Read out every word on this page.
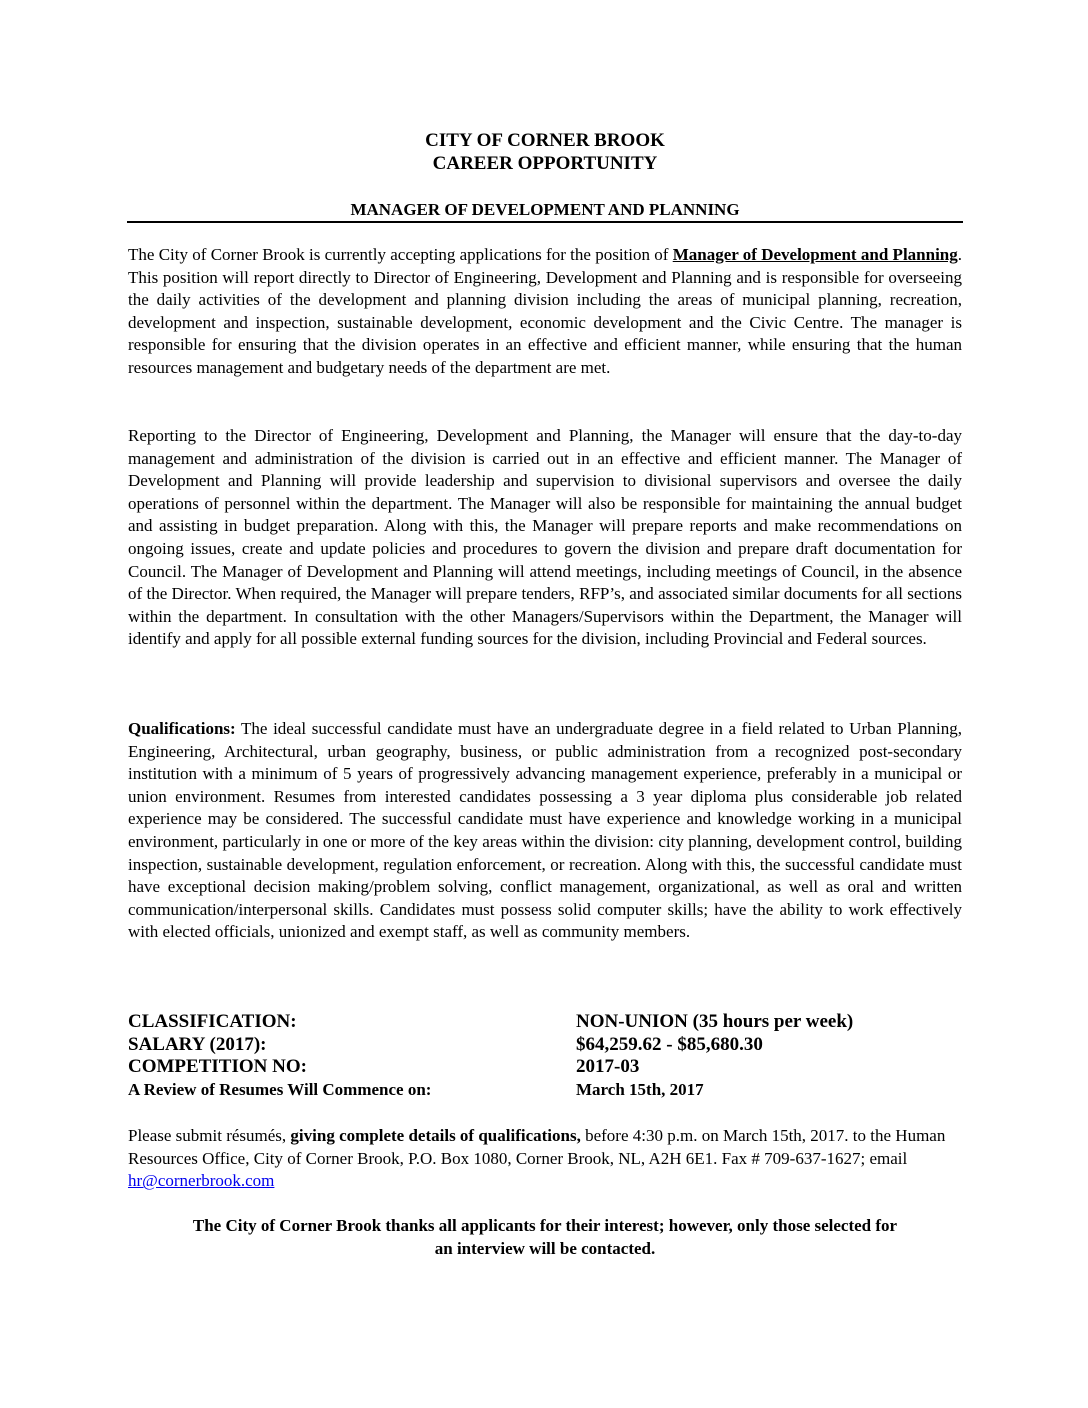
CITY OF CORNER BROOK
CAREER OPPORTUNITY
MANAGER OF DEVELOPMENT AND PLANNING

The City of Corner Brook is currently accepting applications for the position of Manager of Development and Planning. This position will report directly to Director of Engineering, Development and Planning and is responsible for overseeing the daily activities of the development and planning division including the areas of municipal planning, recreation, development and inspection, sustainable development, economic development and the Civic Centre. The manager is responsible for ensuring that the division operates in an effective and efficient manner, while ensuring that the human resources management and budgetary needs of the department are met.

Reporting to the Director of Engineering, Development and Planning, the Manager will ensure that the day-to-day management and administration of the division is carried out in an effective and efficient manner. The Manager of Development and Planning will provide leadership and supervision to divisional supervisors and oversee the daily operations of personnel within the department. The Manager will also be responsible for maintaining the annual budget and assisting in budget preparation. Along with this, the Manager will prepare reports and make recommendations on ongoing issues, create and update policies and procedures to govern the division and prepare draft documentation for Council. The Manager of Development and Planning will attend meetings, including meetings of Council, in the absence of the Director. When required, the Manager will prepare tenders, RFP’s, and associated similar documents for all sections within the department. In consultation with the other Managers/Supervisors within the Department, the Manager will identify and apply for all possible external funding sources for the division, including Provincial and Federal sources.

Qualifications: The ideal successful candidate must have an undergraduate degree in a field related to Urban Planning, Engineering, Architectural, urban geography, business, or public administration from a recognized post-secondary institution with a minimum of 5 years of progressively advancing management experience, preferably in a municipal or union environment. Resumes from interested candidates possessing a 3 year diploma plus considerable job related experience may be considered. The successful candidate must have experience and knowledge working in a municipal environment, particularly in one or more of the key areas within the division: city planning, development control, building inspection, sustainable development, regulation enforcement, or recreation. Along with this, the successful candidate must have exceptional decision making/problem solving, conflict management, organizational, as well as oral and written communication/interpersonal skills. Candidates must possess solid computer skills; have the ability to work effectively with elected officials, unionized and exempt staff, as well as community members.

CLASSIFICATION:	NON-UNION (35 hours per week)
SALARY (2017):	$64,259.62 - $85,680.30
COMPETITION NO:	2017-03
A Review of Resumes Will Commence on:	March 15th, 2017

Please submit résumés, giving complete details of qualifications, before 4:30 p.m. on March 15th, 2017. to the Human Resources Office, City of Corner Brook, P.O. Box 1080, Corner Brook, NL, A2H 6E1. Fax # 709-637-1627; email hr@cornerbrook.com

The City of Corner Brook thanks all applicants for their interest; however, only those selected for
an interview will be contacted.
